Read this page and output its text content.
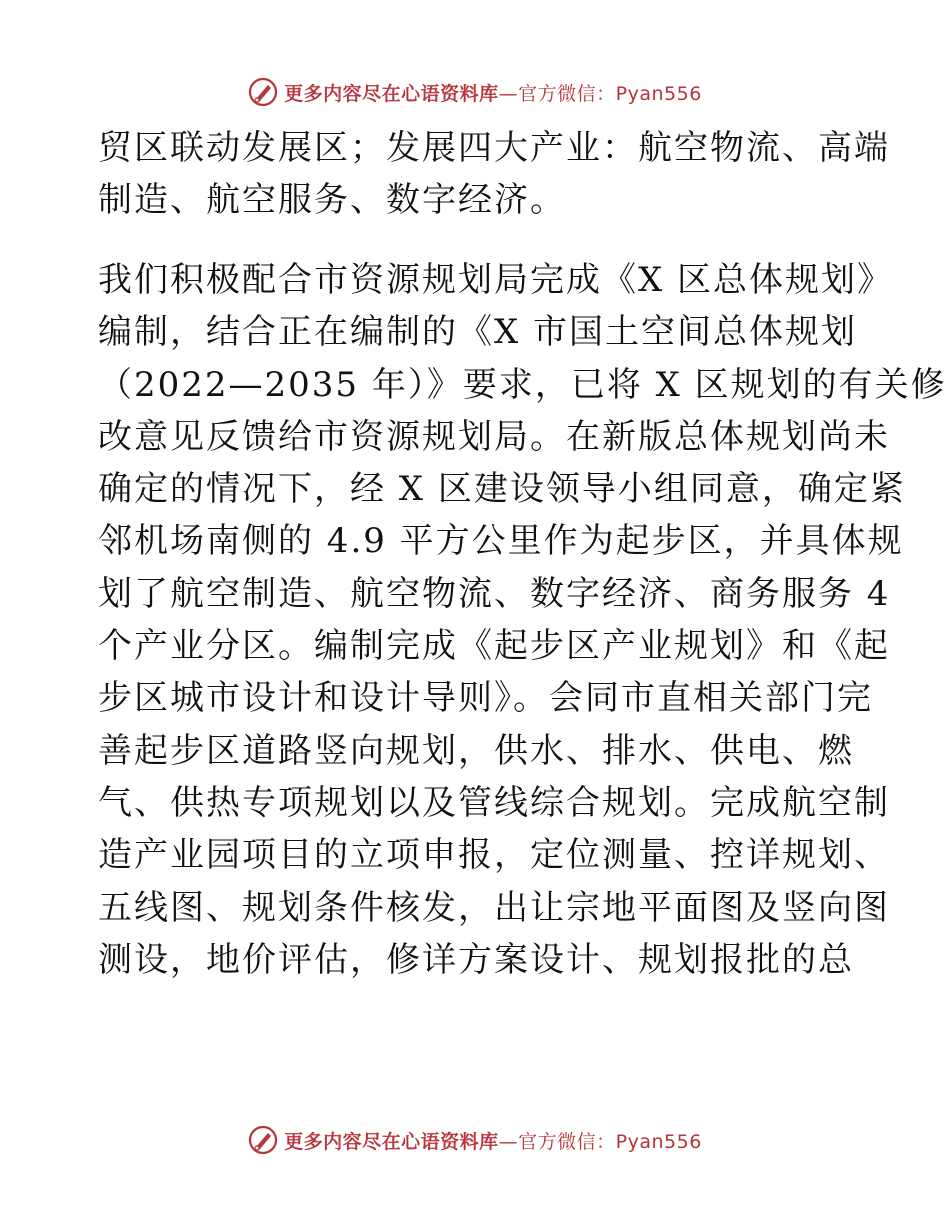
更多内容尽在心语资料库—官方微信：Pyan556
贸区联动发展区；发展四大产业：航空物流、高端
制造、航空服务、数字经济。
我们积极配合市资源规划局完成《X 区总体规划》
编制，结合正在编制的《X 市国土空间总体规划
（2022—2035 年）》要求，已将 X 区规划的有关修
改意见反馈给市资源规划局。在新版总体规划尚未
确定的情况下，经 X 区建设领导小组同意，确定紧
邻机场南侧的 4.9 平方公里作为起步区，并具体规
划了航空制造、航空物流、数字经济、商务服务 4
个产业分区。编制完成《起步区产业规划》和《起
步区城市设计和设计导则》。会同市直相关部门完
善起步区道路竖向规划，供水、排水、供电、燃
气、供热专项规划以及管线综合规划。完成航空制
造产业园项目的立项申报，定位测量、控详规划、
五线图、规划条件核发，出让宗地平面图及竖向图
测设，地价评估，修详方案设计、规划报批的总
更多内容尽在心语资料库—官方微信：Pyan556
